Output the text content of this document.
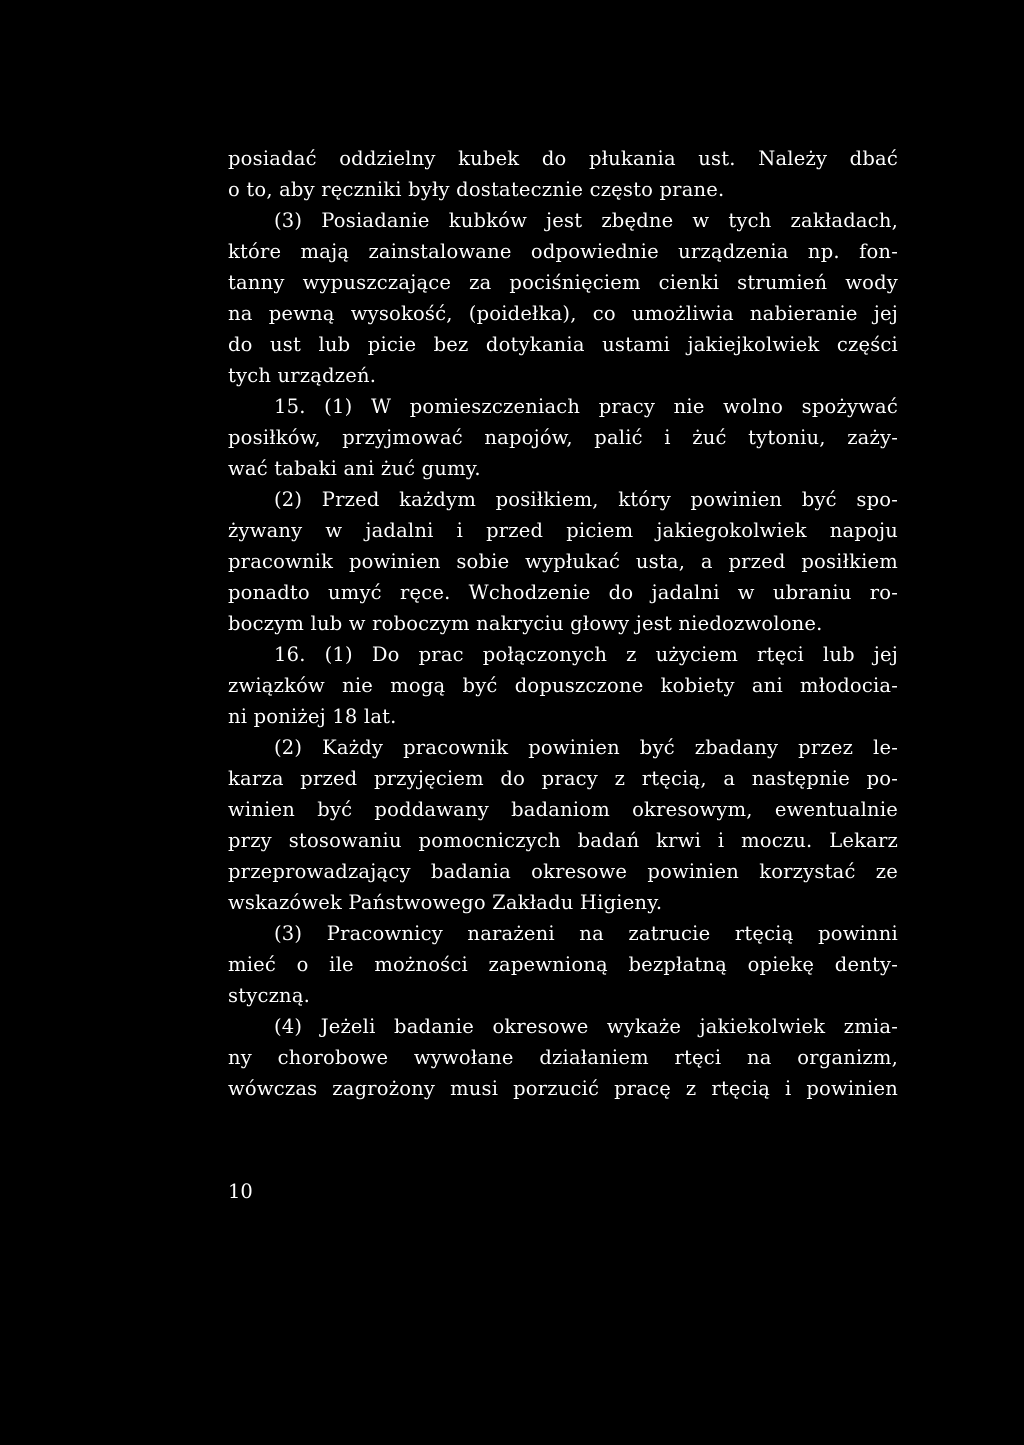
posiadać oddzielny kubek do płukania ust. Należy dbać
o to, aby ręczniki były dostatecznie często prane.
(3) Posiadanie kubków jest zbędne w tych zakładach,
które mają zainstalowane odpowiednie urządzenia np. fon-
tanny wypuszczające za pociśnięciem cienki strumień wody
na pewną wysokość, (poidełka), co umożliwia nabieranie jej
do ust lub picie bez dotykania ustami jakiejkolwiek części
tych urządzeń.
15. (1) W pomieszczeniach pracy nie wolno spożywać
posiłków, przyjmować napojów, palić i żuć tytoniu, zaży-
wać tabaki ani żuć gumy.
(2) Przed każdym posiłkiem, który powinien być spo-
żywany w jadalni i przed piciem jakiegokolwiek napoju
pracownik powinien sobie wypłukać usta, a przed posiłkiem
ponadto umyć ręce. Wchodzenie do jadalni w ubraniu ro-
boczym lub w roboczym nakryciu głowy jest niedozwolone.
16. (1) Do prac połączonych z użyciem rtęci lub jej
związków nie mogą być dopuszczone kobiety ani młodocia-
ni poniżej 18 lat.
(2) Każdy pracownik powinien być zbadany przez le-
karza przed przyjęciem do pracy z rtęcią, a następnie po-
winien być poddawany badaniom okresowym, ewentualnie
przy stosowaniu pomocniczych badań krwi i moczu. Lekarz
przeprowadzający badania okresowe powinien korzystać ze
wskazówek Państwowego Zakładu Higieny.
(3) Pracownicy narażeni na zatrucie rtęcią powinni
mieć o ile możności zapewnioną bezpłatną opiekę denty-
styczną.
(4) Jeżeli badanie okresowe wykaże jakiekolwiek zmia-
ny chorobowe wywołane działaniem rtęci na organizm,
wówczas zagrożony musi porzucić pracę z rtęcią i powinien
10
